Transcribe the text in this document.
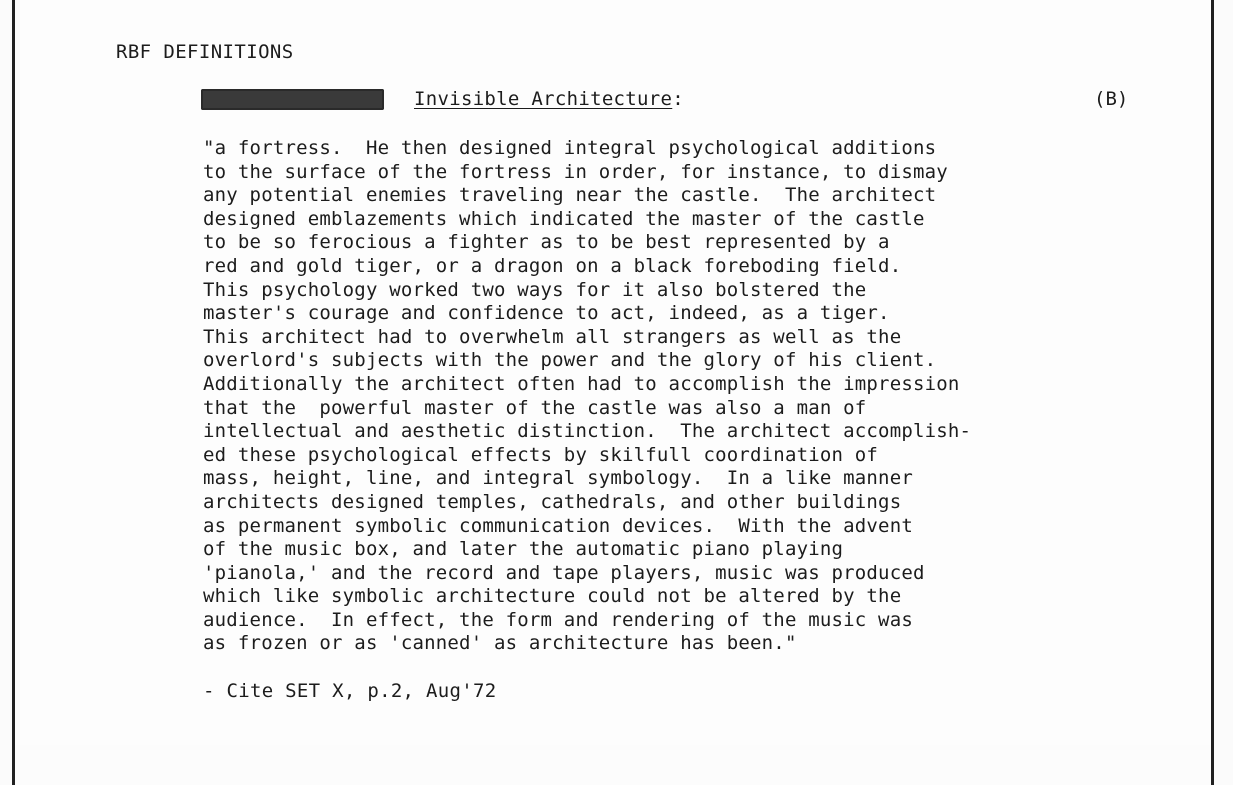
RBF DEFINITIONS
Invisible Architecture:	(B)
"a fortress.  He then designed integral psychological additions
to the surface of the fortress in order, for instance, to dismay
any potential enemies traveling near the castle.  The architect
designed emblazements which indicated the master of the castle
to be so ferocious a fighter as to be best represented by a
red and gold tiger, or a dragon on a black foreboding field.
This psychology worked two ways for it also bolstered the
master's courage and confidence to act, indeed, as a tiger.
This architect had to overwhelm all strangers as well as the
overlord's subjects with the power and the glory of his client.
Additionally the architect often had to accomplish the impression
that the  powerful master of the castle was also a man of
intellectual and aesthetic distinction.  The architect accomplish-
ed these psychological effects by skilfull coordination of
mass, height, line, and integral symbology.  In a like manner
architects designed temples, cathedrals, and other buildings
as permanent symbolic communication devices.  With the advent
of the music box, and later the automatic piano playing
'pianola,' and the record and tape players, music was produced
which like symbolic architecture could not be altered by the
audience.  In effect, the form and rendering of the music was
as frozen or as 'canned' as architecture has been."
- Cite SET X, p.2, Aug'72
